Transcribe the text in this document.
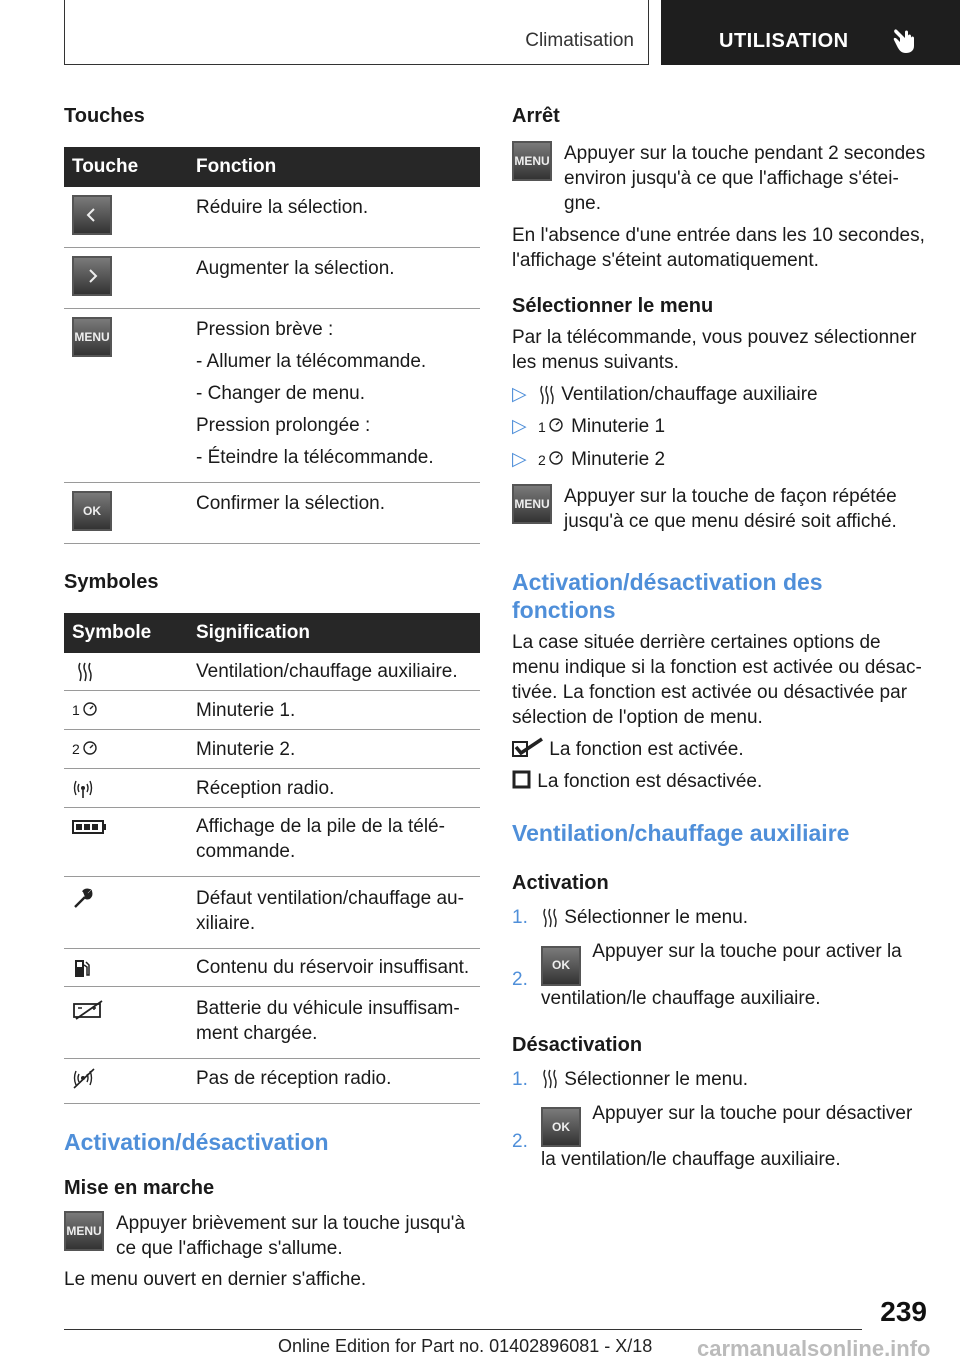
Climatisation	UTILISATION
Touches
Touche	Fonction

Réduire la sélection.

Augmenter la sélection.

MENU	Pression brève :
- Allumer la télécommande.
- Changer de menu.
Pression prolongée :
- Éteindre la télécommande.

OK	Confirmer la sélection.
Symboles
Symbole	Signification
	Ventilation/chauffage auxiliaire.
1	Minuterie 1.
2	Minuterie 2.
	Réception radio.
	Affichage de la pile de la télé-commande.
	Défaut ventilation/chauffage au-xiliaire.
	Contenu du réservoir insuffisant.
	Batterie du véhicule insuffisam-ment chargée.
	Pas de réception radio.
Activation/désactivation
Mise en marche
MENU Appuyer brièvement sur la touche jusqu'à ce que l'affichage s'allume.

Le menu ouvert en dernier s'affiche.

Arrêt
MENU Appuyer sur la touche pendant 2 secondes environ jusqu'à ce que l'affichage s'étei-gne.

En l'absence d'une entrée dans les 10 secondes, l'affichage s'éteint automatiquement.

Sélectionner le menu

Par la télécommande, vous pouvez sélectionner les menus suivants.

▷ Ventilation/chauffage auxiliaire
▷ 1 Minuterie 1
▷ 2 Minuterie 2
MENU Appuyer sur la touche de façon répétée jusqu'à ce que menu désiré soit affiché.

Activation/désactivation des fonctions

La case située derrière certaines options de menu indique si la fonction est activée ou désac-tivée. La fonction est activée ou désactivée par sélection de l'option de menu.

La fonction est activée.

La fonction est désactivée.

Ventilation/chauffage auxiliaire
Activation
1. Sélectionner le menu.
2.
OK Appuyer sur la touche pour activer la ventilation/le chauffage auxiliaire.
Désactivation
1. Sélectionner le menu.
2.
OK Appuyer sur la touche pour désactiver la ventilation/le chauffage auxiliaire.
239
Online Edition for Part no. 01402896081 - X/18 carmanualsonline.info
